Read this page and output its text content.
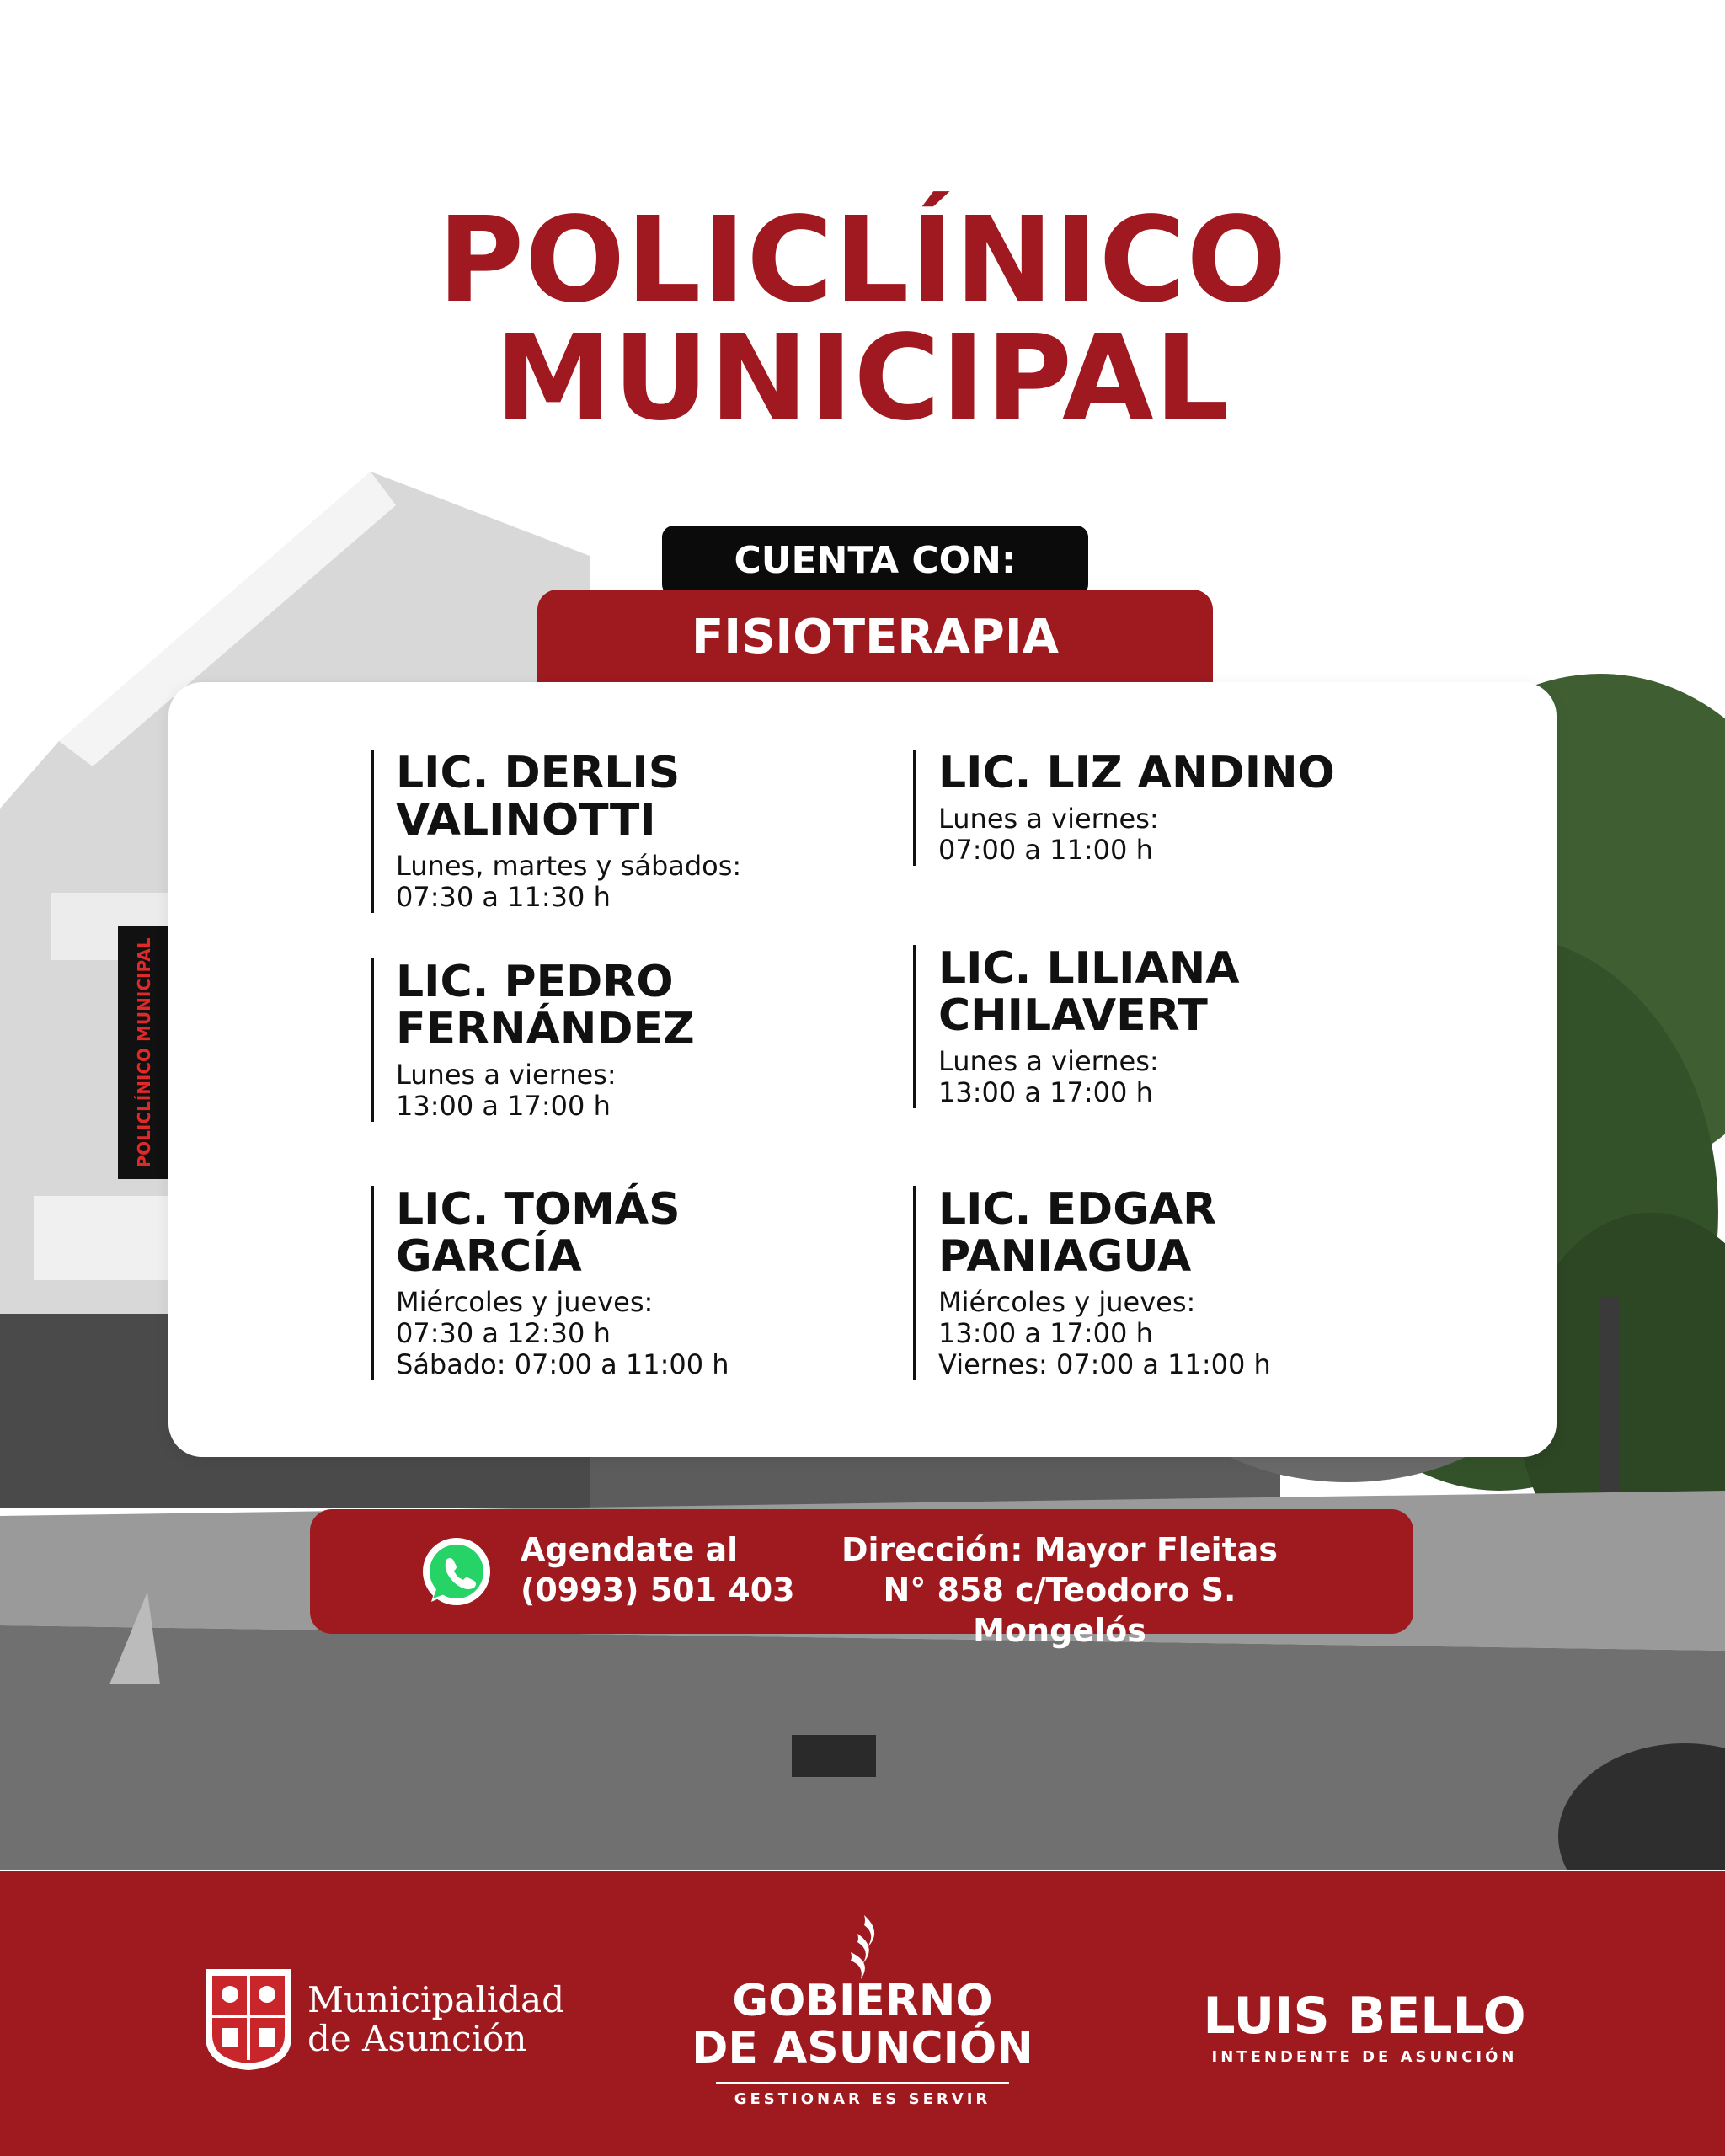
POLICLÍNICO MUNICIPAL
POLICLÍNICO
MUNICIPAL
CUENTA CON:
FISIOTERAPIA
LIC. DERLIS
VALINOTTI
Lunes, martes y sábados:
07:30 a 11:30 h
LIC. LIZ ANDINO
Lunes a viernes:
07:00 a 11:00 h
LIC. PEDRO
FERNÁNDEZ
Lunes a viernes:
13:00 a 17:00 h
LIC. LILIANA
CHILAVERT
Lunes a viernes:
13:00 a 17:00 h
LIC. TOMÁS
GARCÍA
Miércoles y jueves:
07:30 a 12:30 h
Sábado: 07:00 a 11:00 h
LIC. EDGAR
PANIAGUA
Miércoles y jueves:
13:00 a 17:00 h
Viernes: 07:00 a 11:00 h
Agendate al
(0993) 501 403
Dirección: Mayor Fleitas
N° 858 c/Teodoro S. Mongelós
Municipalidad
de Asunción
GOBIERNO
DE ASUNCIÓN
GESTIONAR ES SERVIR
LUIS BELLO
INTENDENTE DE ASUNCIÓN
